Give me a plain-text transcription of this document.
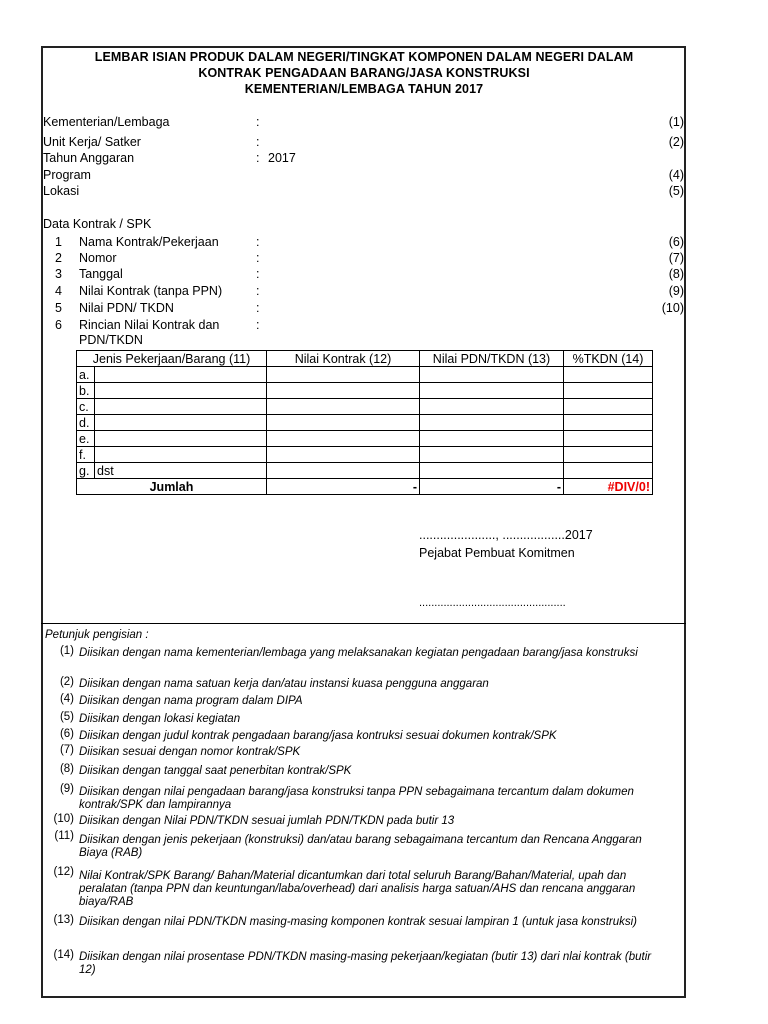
LEMBAR ISIAN PRODUK DALAM NEGERI/TINGKAT KOMPONEN DALAM NEGERI DALAM
KONTRAK PENGADAAN BARANG/JASA KONSTRUKSI
KEMENTERIAN/LEMBAGA TAHUN 2017
Kementerian/Lembaga	:	(1)
Unit Kerja/ Satker	:	(2)
Tahun Anggaran	: 2017
Program	(4)
Lokasi	(5)
Data Kontrak / SPK
1 Nama Kontrak/Pekerjaan	:	(6)
2 Nomor	:	(7)
3 Tanggal	:	(8)
4 Nilai Kontrak (tanpa PPN)	:	(9)
5 Nilai PDN/ TKDN	:	(10)
6 Rincian Nilai Kontrak dan	:
PDN/TKDN
Jenis Pekerjaan/Barang (11)		Nilai Kontrak (12)	Nilai PDN/TKDN (13)	%TKDN (14)
a.				
b.				
c.				
d.				
e.				
f.				
g.	dst			
Jumlah		-	-	#DIV/0!
......................, ..................2017
Pejabat Pembuat Komitmen
................................................
Petunjuk pengisian :
(1) Diisikan dengan nama kementerian/lembaga yang melaksanakan kegiatan pengadaan barang/jasa konstruksi
(2) Diisikan dengan nama satuan kerja dan/atau instansi kuasa pengguna anggaran
(4) Diisikan dengan nama program dalam DIPA
(5) Diisikan dengan lokasi kegiatan
(6) Diisikan dengan judul kontrak pengadaan barang/jasa kontruksi sesuai dokumen kontrak/SPK
(7) Diisikan sesuai dengan nomor kontrak/SPK
(8) Diisikan dengan tanggal saat penerbitan kontrak/SPK
(9) Diisikan dengan nilai pengadaan barang/jasa konstruksi tanpa PPN sebagaimana tercantum dalam dokumen kontrak/SPK dan lampirannya
(10) Diisikan dengan Nilai PDN/TKDN sesuai jumlah PDN/TKDN pada butir 13
(11) Diisikan dengan jenis pekerjaan (konstruksi) dan/atau barang sebagaimana tercantum dan Rencana Anggaran Biaya (RAB)
(12) Nilai Kontrak/SPK Barang/ Bahan/Material dicantumkan dari total seluruh Barang/Bahan/Material, upah dan peralatan (tanpa PPN dan keuntungan/laba/overhead) dari analisis harga satuan/AHS dan rencana anggaran biaya/RAB
(13) Diisikan dengan nilai PDN/TKDN masing-masing komponen kontrak sesuai lampiran 1 (untuk jasa konstruksi)
(14) Diisikan dengan nilai prosentase PDN/TKDN masing-masing pekerjaan/kegiatan (butir 13) dari nlai kontrak (butir 12)
